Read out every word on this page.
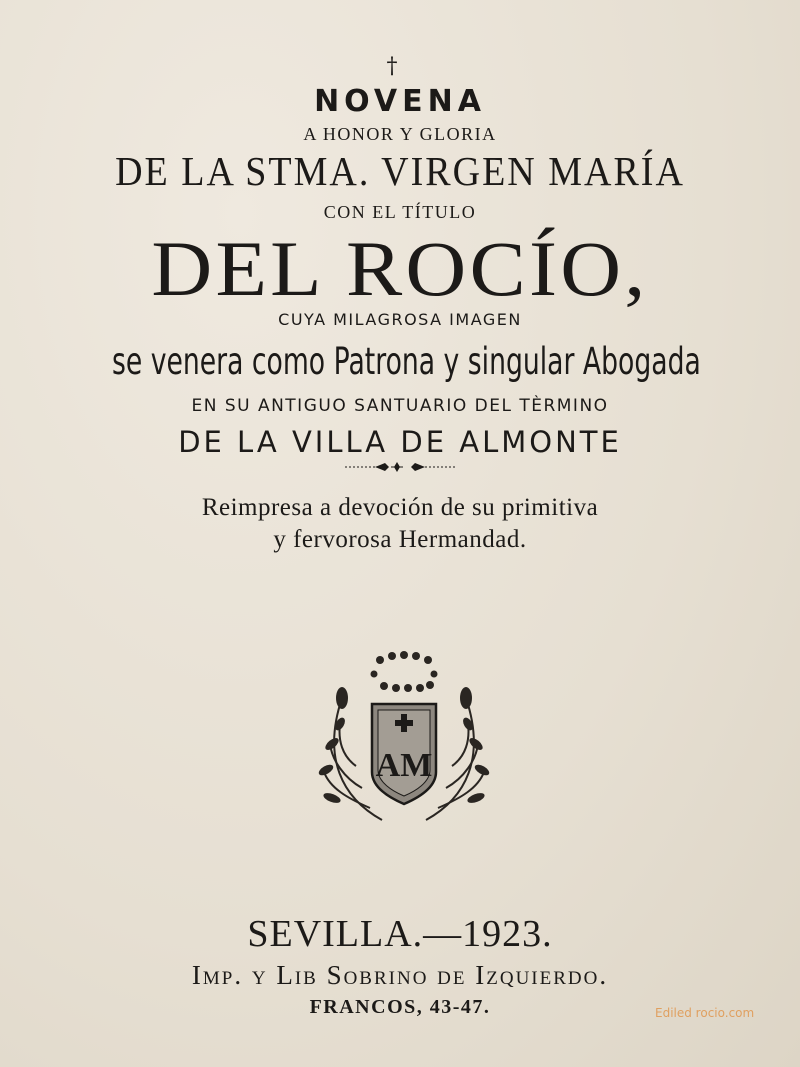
†
NOVENA
A HONOR Y GLORIA
DE LA STMA. VIRGEN MARÍA
CON EL TÍTULO
DEL ROCÍO,
CUYA MILAGROSA IMAGEN
se venera como Patrona y singular Abogada
EN SU ANTIGUO SANTUARIO DEL TÈRMINO
DE LA VILLA DE ALMONTE
Reimpresa a devoción de su primitiva
y fervorosa Hermandad.
AM
SEVILLA.—1923.
Imp. y Lib Sobrino de Izquierdo.
FRANCOS, 43-47.	Ediled rocio.com
